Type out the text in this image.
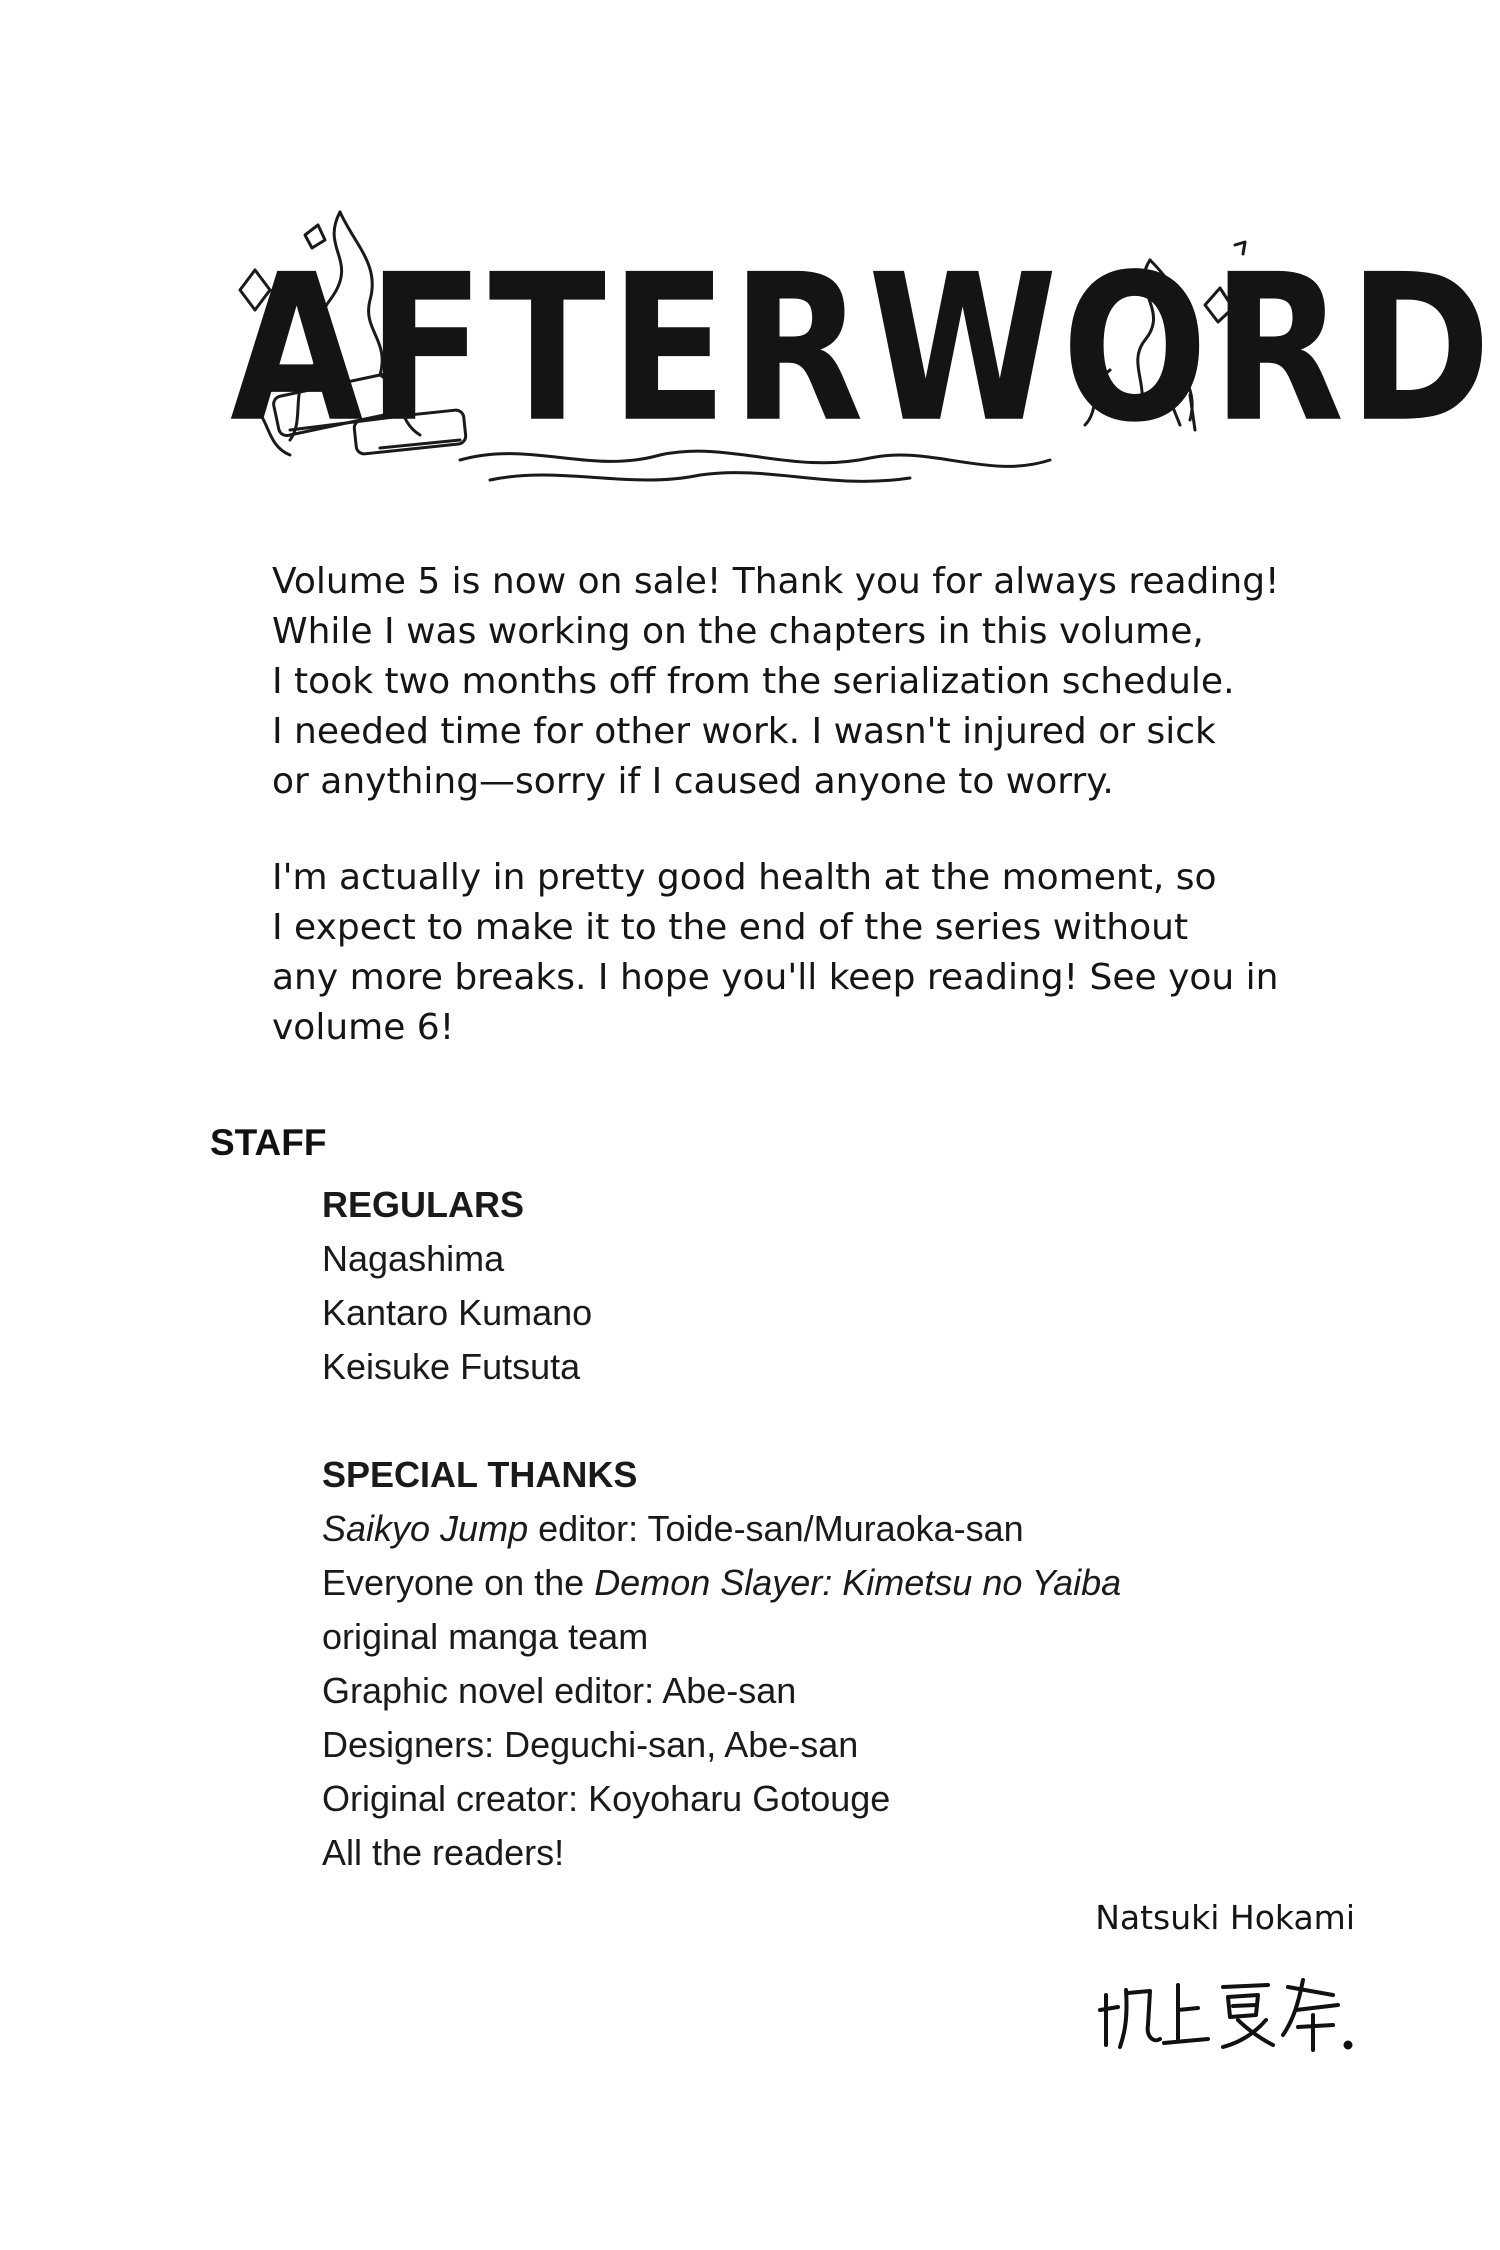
AFTERWORD

Volume 5 is now on sale! Thank you for always reading!
While I was working on the chapters in this volume,
I took two months off from the serialization schedule.
I needed time for other work. I wasn't injured or sick
or anything—sorry if I caused anyone to worry.

I'm actually in pretty good health at the moment, so
I expect to make it to the end of the series without
any more breaks. I hope you'll keep reading! See you in
volume 6!

STAFF
REGULARS
Nagashima
Kantaro Kumano
Keisuke Futsuta
SPECIAL THANKS
Saikyo Jump editor: Toide-san/Muraoka-san
Everyone on the Demon Slayer: Kimetsu no Yaiba
original manga team
Graphic novel editor: Abe-san
Designers: Deguchi-san, Abe-san
Original creator: Koyoharu Gotouge
All the readers!
Natsuki Hokami
